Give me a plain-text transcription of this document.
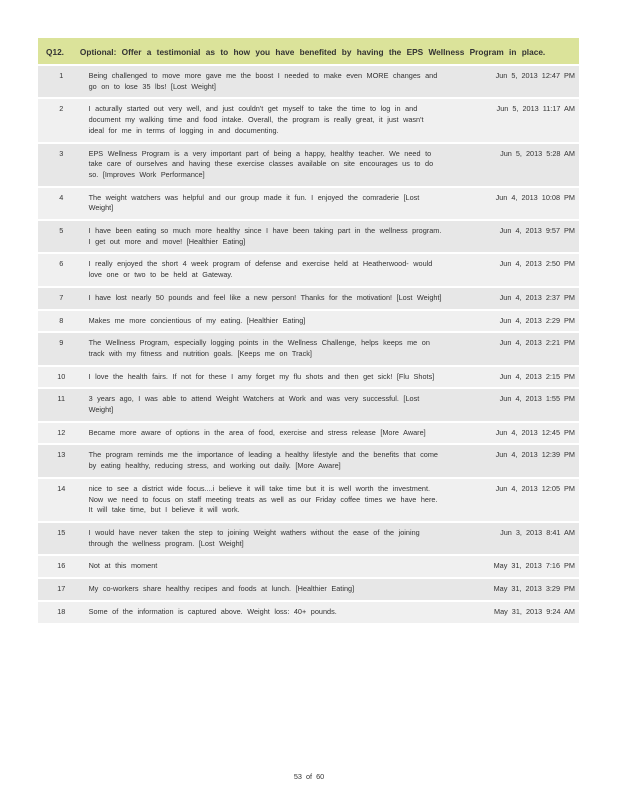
Q12. Optional: Offer a testimonial as to how you have benefited by having the EPS Wellness Program in place.
1	Being challenged to move more gave me the boost I needed to make even MORE changes and go on to lose 35 lbs! [Lost Weight]	Jun 5, 2013 12:47 PM
2	I acturally started out very well, and just couldn't get myself to take the time to log in and document my walking time and food intake. Overall, the program is really great, it just wasn't ideal for me in terms of logging in and documenting.	Jun 5, 2013 11:17 AM
3	EPS Wellness Program is a very important part of being a happy, healthy teacher. We need to take care of ourselves and having these exercise classes available on site encourages us to do so. [Improves Work Performance]	Jun 5, 2013 5:28 AM
4	The weight watchers was helpful and our group made it fun. I enjoyed the comraderie [Lost Weight]	Jun 4, 2013 10:08 PM
5	I have been eating so much more healthy since I have been taking part in the wellness program. I get out more and move! [Healthier Eating]	Jun 4, 2013 9:57 PM
6	I really enjoyed the short 4 week program of defense and exercise held at Heatherwood- would love one or two to be held at Gateway.	Jun 4, 2013 2:50 PM
7	I have lost nearly 50 pounds and feel like a new person! Thanks for the motivation! [Lost Weight]	Jun 4, 2013 2:37 PM
8	Makes me more concientious of my eating. [Healthier Eating]	Jun 4, 2013 2:29 PM
9	The Wellness Program, especially logging points in the Wellness Challenge, helps keeps me on track with my fitness and nutrition goals. [Keeps me on Track]	Jun 4, 2013 2:21 PM
10	I love the health fairs. If not for these I amy forget my flu shots and then get sick! [Flu Shots]	Jun 4, 2013 2:15 PM
11	3 years ago, I was able to attend Weight Watchers at Work and was very successful. [Lost Weight]	Jun 4, 2013 1:55 PM
12	Became more aware of options in the area of food, exercise and stress release [More Aware]	Jun 4, 2013 12:45 PM
13	The program reminds me the importance of leading a healthy lifestyle and the benefits that come by eating healthy, reducing stress, and working out daily. [More Aware]	Jun 4, 2013 12:39 PM
14	nice to see a district wide focus....i believe it will take time but it is well worth the investment. Now we need to focus on staff meeting treats as well as our Friday coffee times we have here. It will take time, but I believe it will work.	Jun 4, 2013 12:05 PM
15	I would have never taken the step to joining Weight wathers without the ease of the joining through the wellness program. [Lost Weight]	Jun 3, 2013 8:41 AM
16	Not at this moment	May 31, 2013 7:16 PM
17	My co-workers share healthy recipes and foods at lunch. [Healthier Eating]	May 31, 2013 3:29 PM
18	Some of the information is captured above. Weight loss: 40+ pounds.	May 31, 2013 9:24 AM
53 of 60
